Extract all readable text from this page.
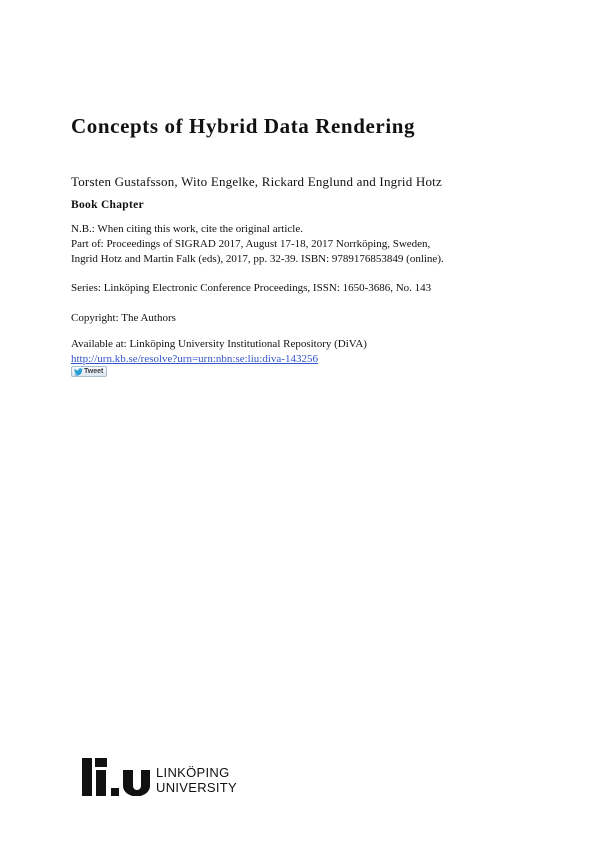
Concepts of Hybrid Data Rendering
Torsten Gustafsson, Wito Engelke, Rickard Englund and Ingrid Hotz
Book Chapter
N.B.: When citing this work, cite the original article.
Part of: Proceedings of SIGRAD 2017, August 17-18, 2017 Norrköping, Sweden,
Ingrid Hotz and Martin Falk (eds), 2017, pp. 32-39. ISBN: 9789176853849 (online).
Series: Linköping Electronic Conference Proceedings, ISSN: 1650-3686, No. 143
Copyright: The Authors
Available at: Linköping University Institutional Repository (DiVA)
http://urn.kb.se/resolve?urn=urn:nbn:se:liu:diva-143256
Tweet
LINKÖPING
UNIVERSITY
